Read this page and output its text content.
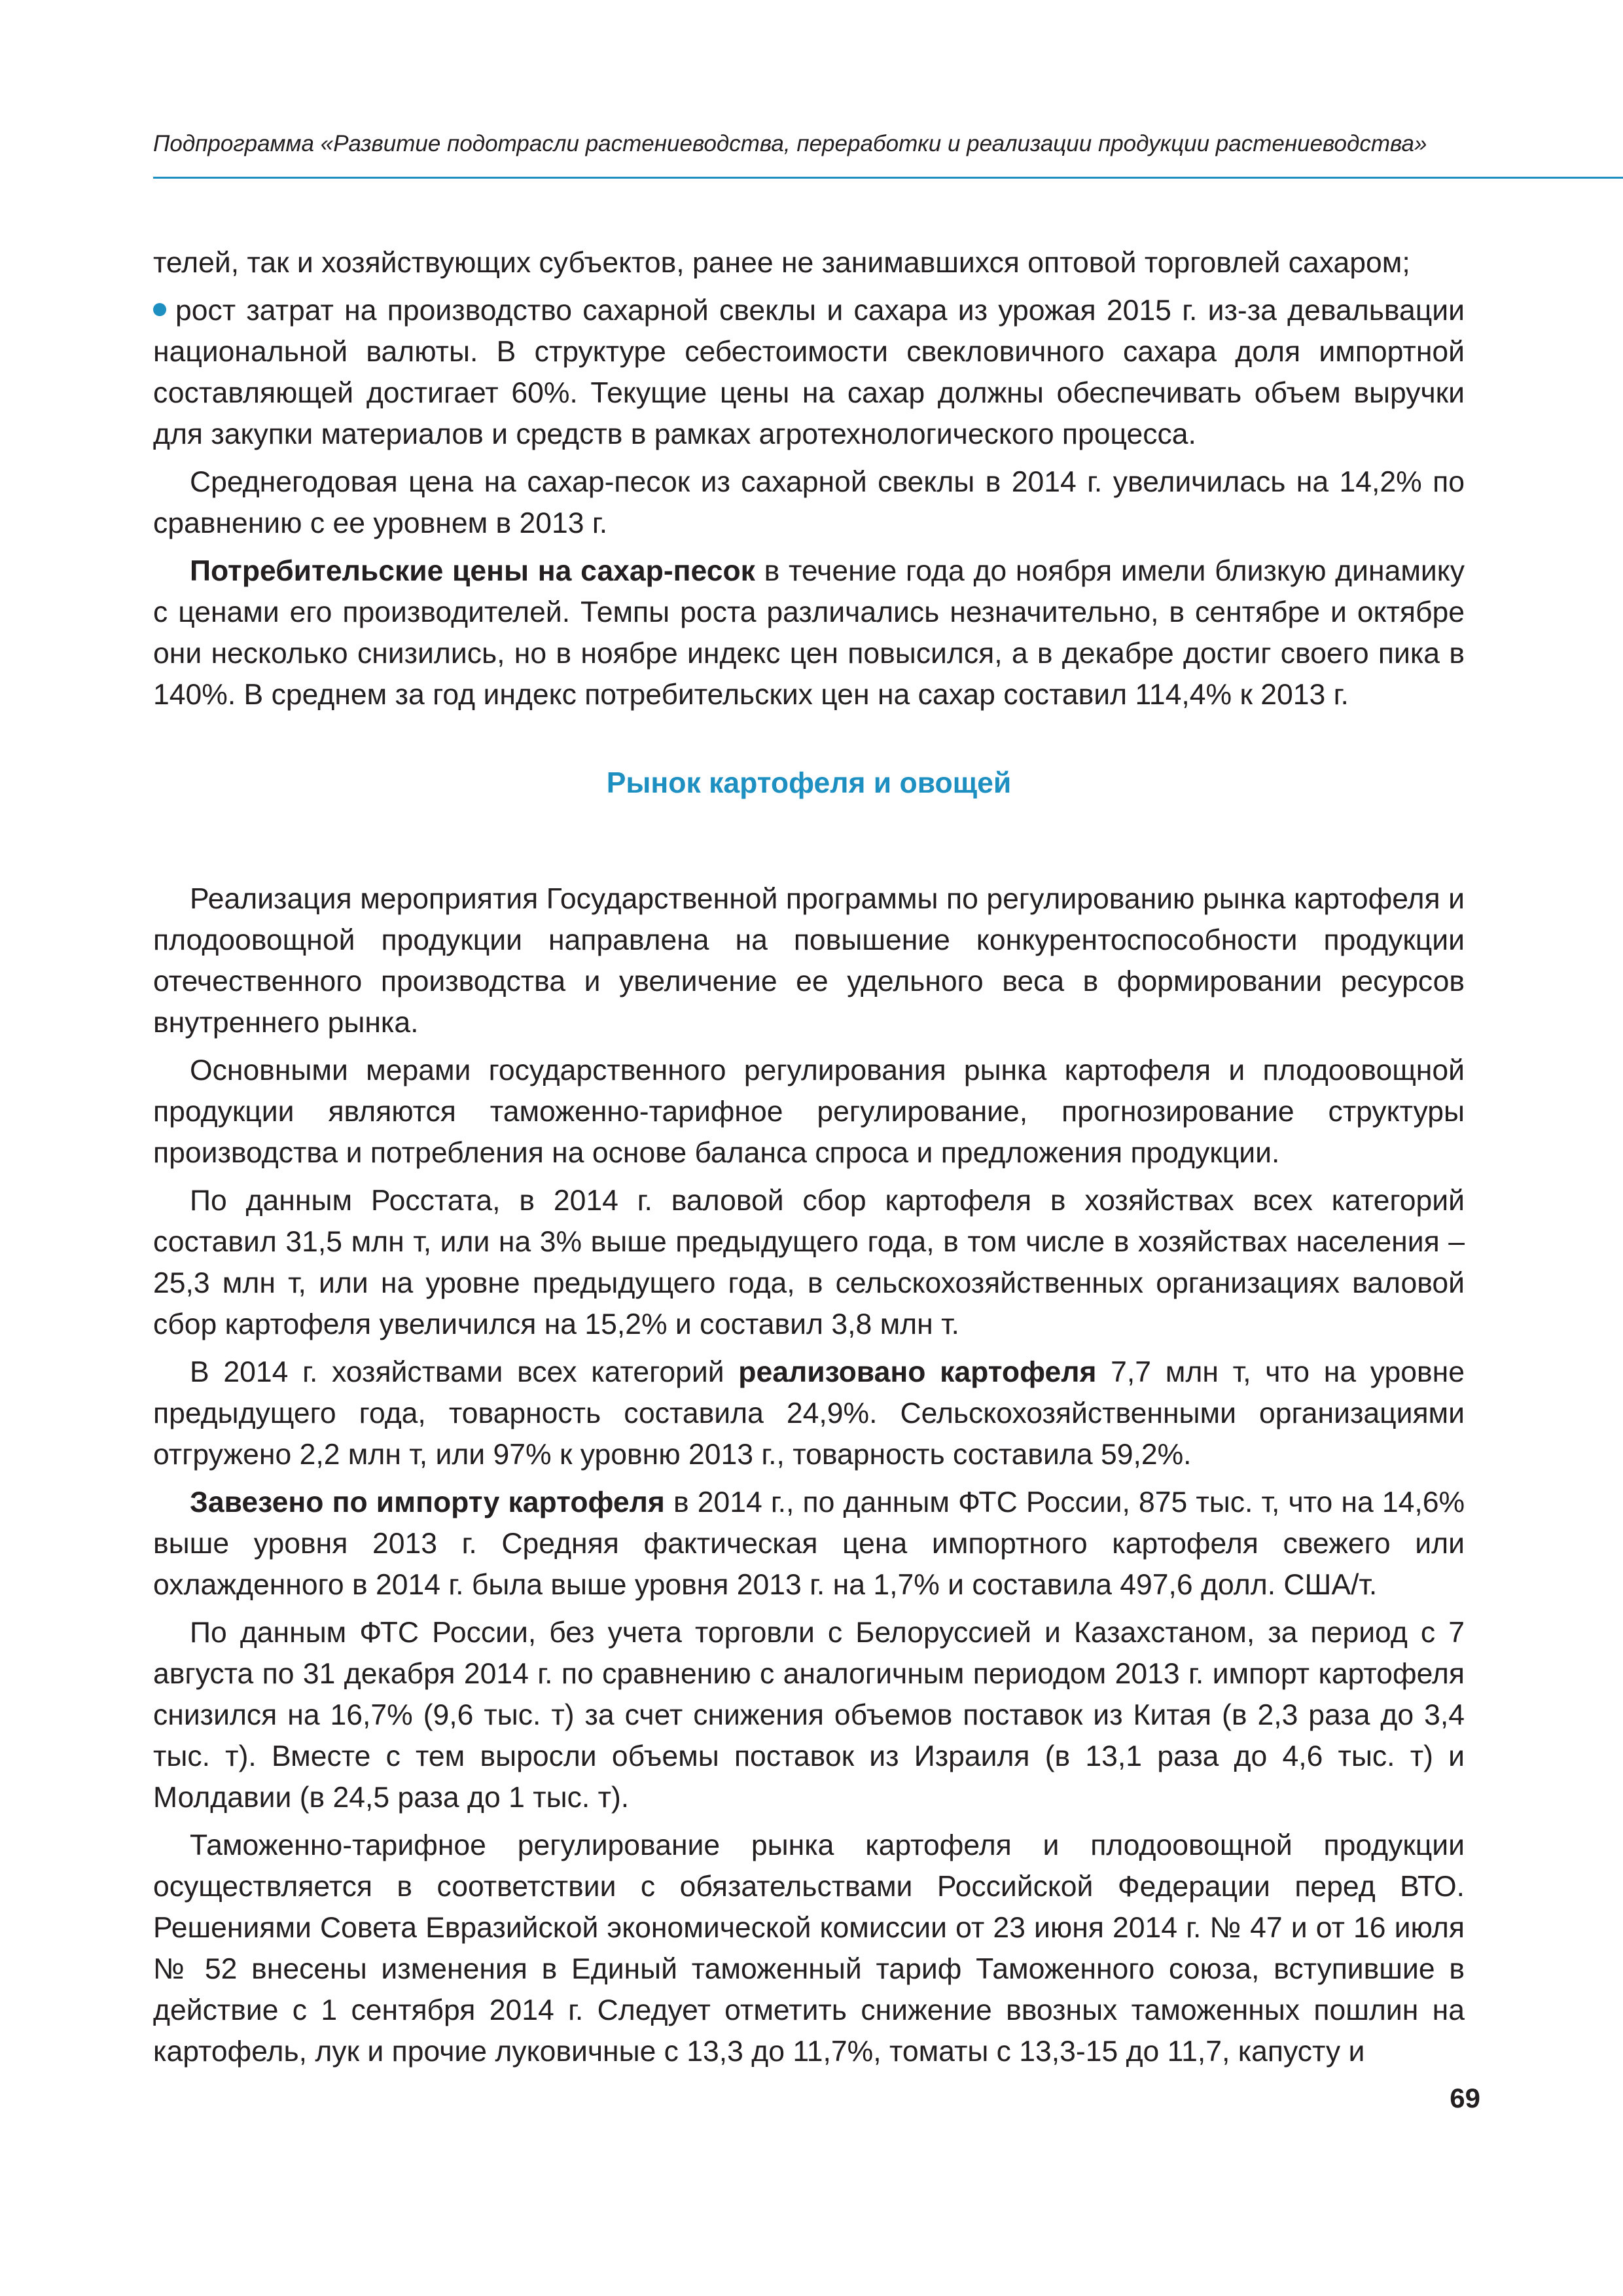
Подпрограмма «Развитие подотрасли растениеводства, переработки и реализации продукции растениеводства»

телей, так и хозяйствующих субъектов, ранее не занимавшихся оптовой торговлей сахаром;

рост затрат на производство сахарной свеклы и сахара из урожая 2015 г. из-за девальвации национальной валюты. В структуре себестоимости свекловичного сахара доля импортной составляющей достигает 60%. Текущие цены на сахар должны обеспечивать объем выручки для закупки материалов и средств в рамках агротехнологического процесса.

Среднегодовая цена на сахар-песок из сахарной свеклы в 2014 г. увеличилась на 14,2% по сравнению с ее уровнем в 2013 г.

Потребительские цены на сахар-песок в течение года до ноября имели близкую динамику с ценами его производителей. Темпы роста различались незначительно, в сентябре и октябре они несколько снизились, но в ноябре индекс цен повысился, а в декабре достиг своего пика в 140%. В среднем за год индекс потребительских цен на сахар составил 114,4% к 2013 г.

Рынок картофеля и овощей

Реализация мероприятия Государственной программы по регулированию рынка картофеля и плодоовощной продукции направлена на повышение конкурентоспособности продукции отечественного производства и увеличение ее удельного веса в формировании ресурсов внутреннего рынка.

Основными мерами государственного регулирования рынка картофеля и плодоовощной продукции являются таможенно-тарифное регулирование, прогнозирование структуры производства и потребления на основе баланса спроса и предложения продукции.

По данным Росстата, в 2014 г. валовой сбор картофеля в хозяйствах всех категорий составил 31,5 млн т, или на 3% выше предыдущего года, в том числе в хозяйствах населения – 25,3 млн т, или на уровне предыдущего года, в сельскохозяйственных организациях валовой сбор картофеля увеличился на 15,2% и составил 3,8 млн т.

В 2014 г. хозяйствами всех категорий реализовано картофеля 7,7 млн т, что на уровне предыдущего года, товарность составила 24,9%. Сельскохозяйственными организациями отгружено 2,2 млн т, или 97% к уровню 2013 г., товарность составила 59,2%.

Завезено по импорту картофеля в 2014 г., по данным ФТС России, 875 тыс. т, что на 14,6% выше уровня 2013 г. Средняя фактическая цена импортного картофеля свежего или охлажденного в 2014 г. была выше уровня 2013 г. на 1,7% и составила 497,6 долл. США/т.

По данным ФТС России, без учета торговли с Белоруссией и Казахстаном, за период с 7 августа по 31 декабря 2014 г. по сравнению с аналогичным периодом 2013 г. импорт картофеля снизился на 16,7% (9,6 тыс. т) за счет снижения объемов поставок из Китая (в 2,3 раза до 3,4 тыс. т). Вместе с тем выросли объемы поставок из Израиля (в 13,1 раза до 4,6 тыс. т) и Молдавии (в 24,5 раза до 1 тыс. т).

Таможенно-тарифное регулирование рынка картофеля и плодоовощной продукции осуществляется в соответствии с обязательствами Российской Федерации перед ВТО. Решениями Совета Евразийской экономической комиссии от 23 июня 2014 г. № 47 и от 16 июля № 52 внесены изменения в Единый таможенный тариф Таможенного союза, вступившие в действие с 1 сентября 2014 г. Следует отметить снижение ввозных таможенных пошлин на картофель, лук и прочие луковичные с 13,3 до 11,7%, томаты с 13,3-15 до 11,7, капусту и

69
